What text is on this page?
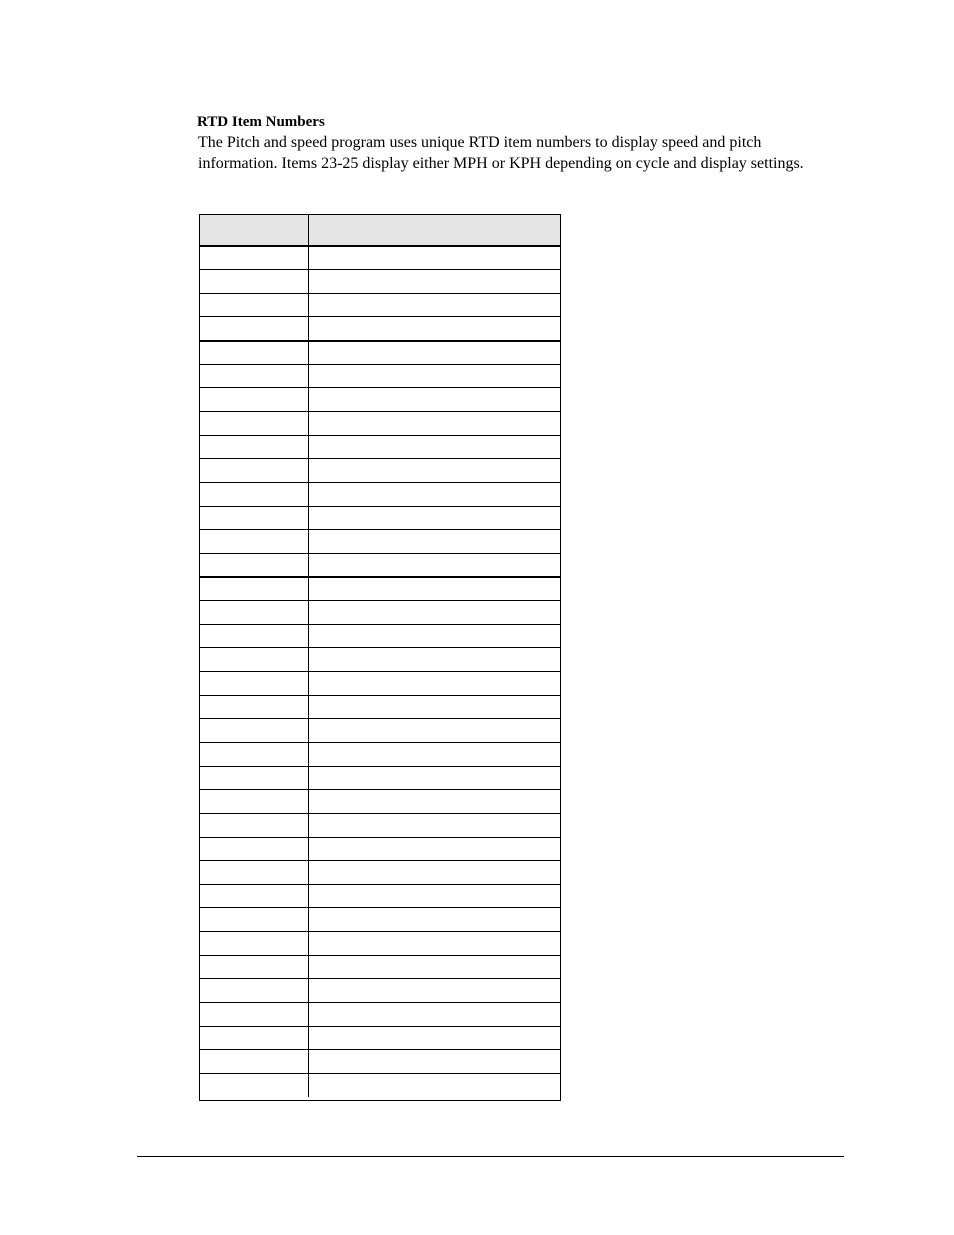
RTD Item Numbers
The Pitch and speed program uses unique RTD item numbers to display speed and pitch information. Items 23-25 display either MPH or KPH depending on cycle and display settings.
